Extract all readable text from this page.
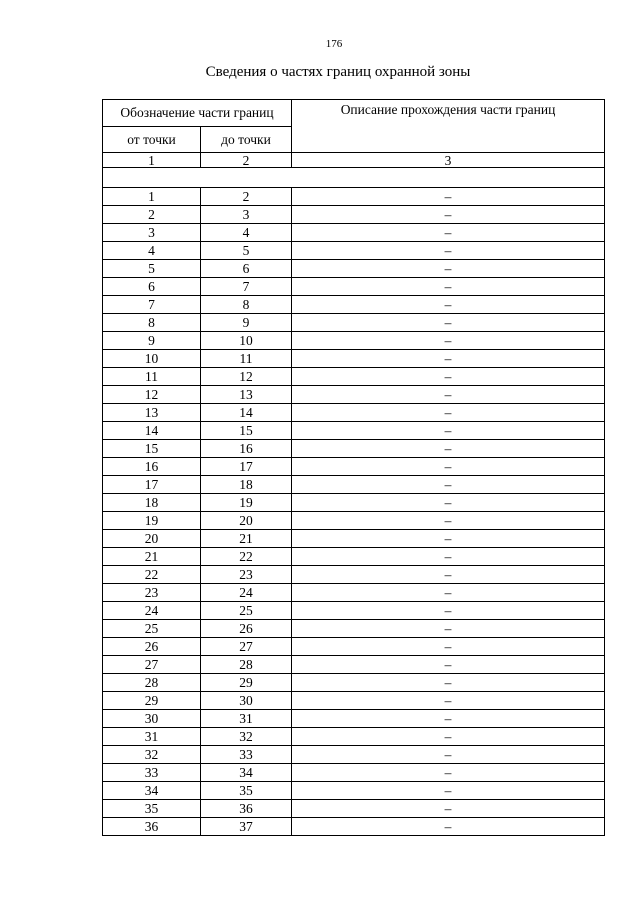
176
Сведения о частях границ охранной зоны
Обозначение части границ		Описание прохождения части границ
от точки	до точки	
1	2	3

1	2	–
2	3	–
3	4	–
4	5	–
5	6	–
6	7	–
7	8	–
8	9	–
9	10	–
10	11	–
11	12	–
12	13	–
13	14	–
14	15	–
15	16	–
16	17	–
17	18	–
18	19	–
19	20	–
20	21	–
21	22	–
22	23	–
23	24	–
24	25	–
25	26	–
26	27	–
27	28	–
28	29	–
29	30	–
30	31	–
31	32	–
32	33	–
33	34	–
34	35	–
35	36	–
36	37	–
